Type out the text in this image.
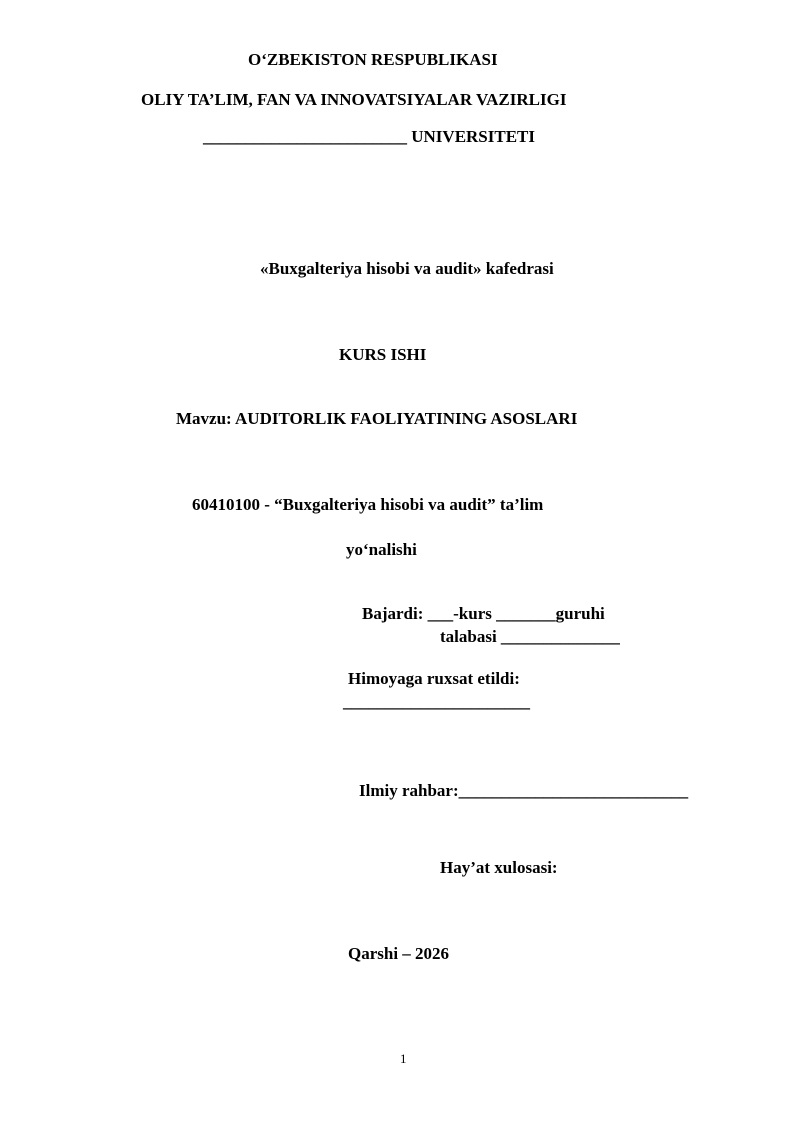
O‘ZBEKISTON RESPUBLIKASI
OLIY TA’LIM, FAN VA INNOVATSIYALAR VAZIRLIGI
________________________ UNIVERSITETI
«Buxgalteriya hisobi va audit» kafedrasi
KURS ISHI
Mavzu: AUDITORLIK FAOLIYATINING ASOSLARI
60410100 - “Buxgalteriya hisobi va audit” ta’lim
yo‘nalishi
Bajardi: ___-kurs _______guruhi
talabasi ______________
Himoyaga ruxsat etildi:
______________________
Ilmiy rahbar:___________________________
Hay’at xulosasi:
Qarshi – 2026
1
